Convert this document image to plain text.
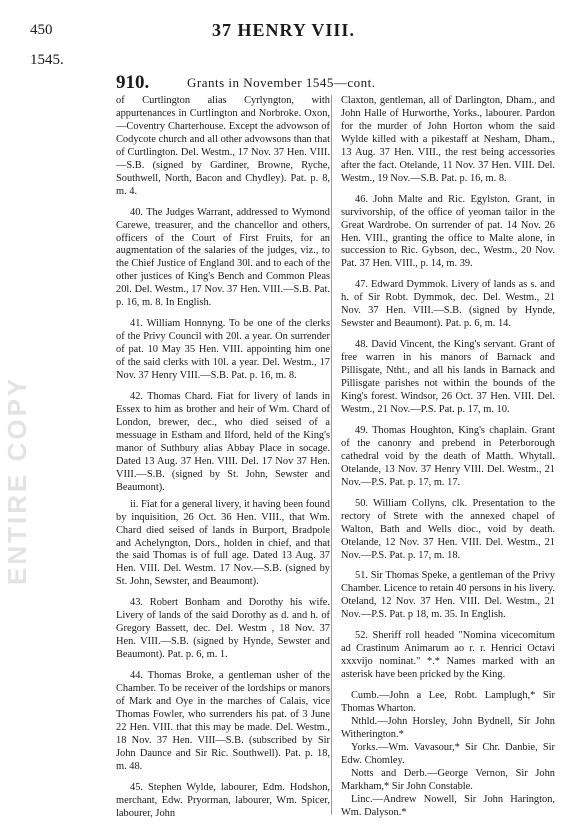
450	37 HENRY VIII.
1545.
910.	Grants in November 1545—cont.
ENTIRE COPY

of Curtlington alias Cyrlyngton, with appurtenances in Curtlington and Norbroke. Oxon,—Coventry Charterhouse. Except the advowson of Codycote church and all other advowsons than that of Curtlington. Del. Westm., 17 Nov. 37 Hen. VIII.—S.B. (signed by Gardiner, Browne, Ryche, Southwell, North, Bacon and Chydley). Pat. p. 8, m. 4.

40. The Judges Warrant, addressed to Wymond Carewe, treasurer, and the chancellor and others, officers of the Court of First Fruits, for an augmentation of the salaries of the judges, viz., to the Chief Justice of England 30l. and to each of the other justices of King's Bench and Common Pleas 20l. Del. Westm., 17 Nov. 37 Hen. VIII.—S.B. Pat. p. 16, m. 8. In English.

41. William Honnyng. To be one of the clerks of the Privy Council with 20l. a year. On surrender of pat. 10 May 35 Hen. VIII. appointing him one of the said clerks with 10l. a year. Del. Westm., 17 Nov. 37 Henry VIII.—S.B. Pat. p. 16, m. 8.

42. Thomas Chard. Fiat for livery of lands in Essex to him as brother and heir of Wm. Chard of London, brewer, dec., who died seised of a messuage in Estham and Ilford, held of the King's manor of Suthbury alias Abbay Place in socage. Dated 13 Aug. 37 Hen. VIII. Del. 17 Nov 37 Hen. VIII.—S.B. (signed by St. John, Sewster and Beaumont).

ii. Fiat for a general livery, it having been found by inquisition, 26 Oct. 36 Hen. VIII., that Wm. Chard died seised of lands in Burport, Bradpole and Achelyngton, Dors., holden in chief, and that the said Thomas is of full age. Dated 13 Aug. 37 Hen. VIII. Del. Westm. 17 Nov.—S.B. (signed by St. John, Sewster, and Beaumont).

43. Robert Bonham and Dorothy his wife. Livery of lands of the said Dorothy as d. and h. of Gregory Bassett, dec. Del. Westm , 18 Nov. 37 Hen. VIII.—S.B. (signed by Hynde, Sewster and Beaumont). Pat. p. 6, m. 1.

44. Thomas Broke, a gentleman usher of the Chamber. To be receiver of the lordships or manors of Mark and Oye in the marches of Calais, vice Thomas Fowler, who surrenders his pat. of 3 June 22 Hen. VIII. that this may be made. Del. Westm., 18 Nov. 37 Hen. VIII—S.B. (subscribed by Sir John Daunce and Sir Ric. Southwell). Pat. p. 18, m. 48.

45. Stephen Wylde, labourer, Edm. Hodshon, merchant, Edw. Pryorman, labourer, Wm. Spicer, labourer, John

Claxton, gentleman, all of Darlington, Dham., and John Halle of Hurworthe, Yorks., labourer. Pardon for the murder of John Horton whom the said Wylde killed with a pikestaff at Nesham, Dham., 13 Aug. 37 Hen. VIII., the rest being accessories after the fact. Otelande, 11 Nov. 37 Hen. VIII. Del. Westm., 19 Nov.—S.B. Pat. p. 16, m. 8.

46. John Malte and Ric. Egylston. Grant, in survivorship, of the office of yeoman tailor in the Great Wardrobe. On surrender of pat. 14 Nov. 26 Hen. VIII., granting the office to Malte alone, in succession to Ric. Gybson, dec., Westm., 20 Nov. Pat. 37 Hen. VIII., p. 14, m. 39.

47. Edward Dymmok. Livery of lands as s. and h. of Sir Robt. Dymmok, dec. Del. Westm., 21 Nov. 37 Hen. VIII.—S.B. (signed by Hynde, Sewster and Beaumont). Pat. p. 6, m. 14.

48. David Vincent, the King's servant. Grant of free warren in his manors of Barnack and Pillisgate, Ntht., and all his lands in Barnack and Pillisgate parishes not within the bounds of the King's forest. Windsor, 26 Oct. 37 Hen. VIII. Del. Westm., 21 Nov.—P.S. Pat. p. 17, m. 10.

49. Thomas Houghton, King's chaplain. Grant of the canonry and prebend in Peterborough cathedral void by the death of Matth. Whytall. Otelande, 13 Nov. 37 Henry VIII. Del. Westm., 21 Nov.—P.S. Pat. p. 17, m. 17.

50. William Collyns, clk. Presentation to the rectory of Strete with the annexed chapel of Walton, Bath and Wells dioc., void by death. Otelande, 12 Nov. 37 Hen. VIII. Del. Westm., 21 Nov.—P.S. Pat. p. 17, m. 18.

51. Sir Thomas Speke, a gentleman of the Privy Chamber. Licence to retain 40 persons in his livery. Oteland, 12 Nov. 37 Hen. VIII. Del. Westm., 21 Nov.—P.S. Pat. p 18, m. 35. In English.

52. Sheriff roll headed "Nomina vicecomitum ad Crastinum Animarum ao r. r. Henrici Octavi xxxvijo nominat." *.* Names marked with an asterisk have been pricked by the King.

Cumb.—John a Lee, Robt. Lamplugh,* Sir Thomas Wharton.

Nthld.—John Horsley, John Bydnell, Sir John Witherington.*

Yorks.—Wm. Vavasour,* Sir Chr. Danbie, Sir Edw. Chomley.

Notts and Derb.—George Vernon, Sir John Markham,* Sir John Constable.

Linc.—Andrew Nowell, Sir John Harington, Wm. Dalyson.*
